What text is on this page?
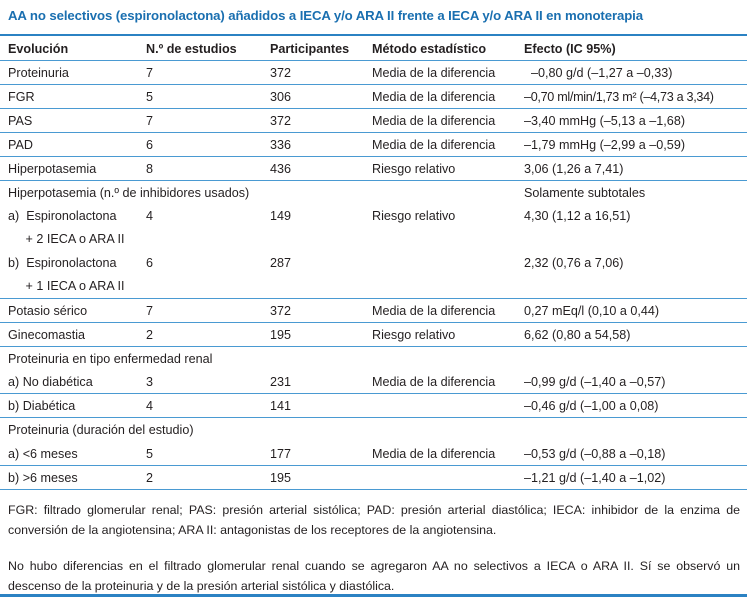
AA no selectivos (espironolactona) añadidos a IECA y/o ARA II frente a IECA y/o ARA II en monoterapia
Evolución	N.º de estudios	Participantes	Método estadístico	Efecto (IC 95%)
Proteinuria	7	372	Media de la diferencia	–0,80 g/d (–1,27 a –0,33)
FGR	5	306	Media de la diferencia	–0,70 ml/min/1,73 m² (–4,73 a 3,34)
PAS	7	372	Media de la diferencia	–3,40 mmHg (–5,13 a –1,68)
PAD	6	336	Media de la diferencia	–1,79 mmHg (–2,99 a –0,59)
Hiperpotasemia	8	436	Riesgo relativo	3,06 (1,26 a 7,41)
Hiperpotasemia (n.º de inhibidores usados)				Solamente subtotales
a)  Espironolactona	4	149	Riesgo relativo	4,30 (1,12 a 16,51)
+ 2 IECA o ARA II				
b)  Espironolactona	6	287		2,32 (0,76 a 7,06)
+ 1 IECA o ARA II				
Potasio sérico	7	372	Media de la diferencia	0,27 mEq/l (0,10 a 0,44)
Ginecomastia	2	195	Riesgo relativo	6,62 (0,80 a 54,58)
Proteinuria en tipo enfermedad renal				
a) No diabética	3	231	Media de la diferencia	–0,99 g/d (–1,40 a –0,57)
b) Diabética	4	141		–0,46 g/d (–1,00 a 0,08)
Proteinuria (duración del estudio)				
a) <6 meses	5	177	Media de la diferencia	–0,53 g/d (–0,88 a –0,18)
b) >6 meses	2	195		–1,21 g/d (–1,40 a –1,02)
FGR: filtrado glomerular renal; PAS: presión arterial sistólica; PAD: presión arterial diastólica; IECA: inhibidor de la enzima de conversión de la angiotensina; ARA II: antagonistas de los receptores de la angiotensina.
No hubo diferencias en el filtrado glomerular renal cuando se agregaron AA no selectivos a IECA o ARA II. Sí se observó un descenso de la proteinuria y de la presión arterial sistólica y diastólica.
